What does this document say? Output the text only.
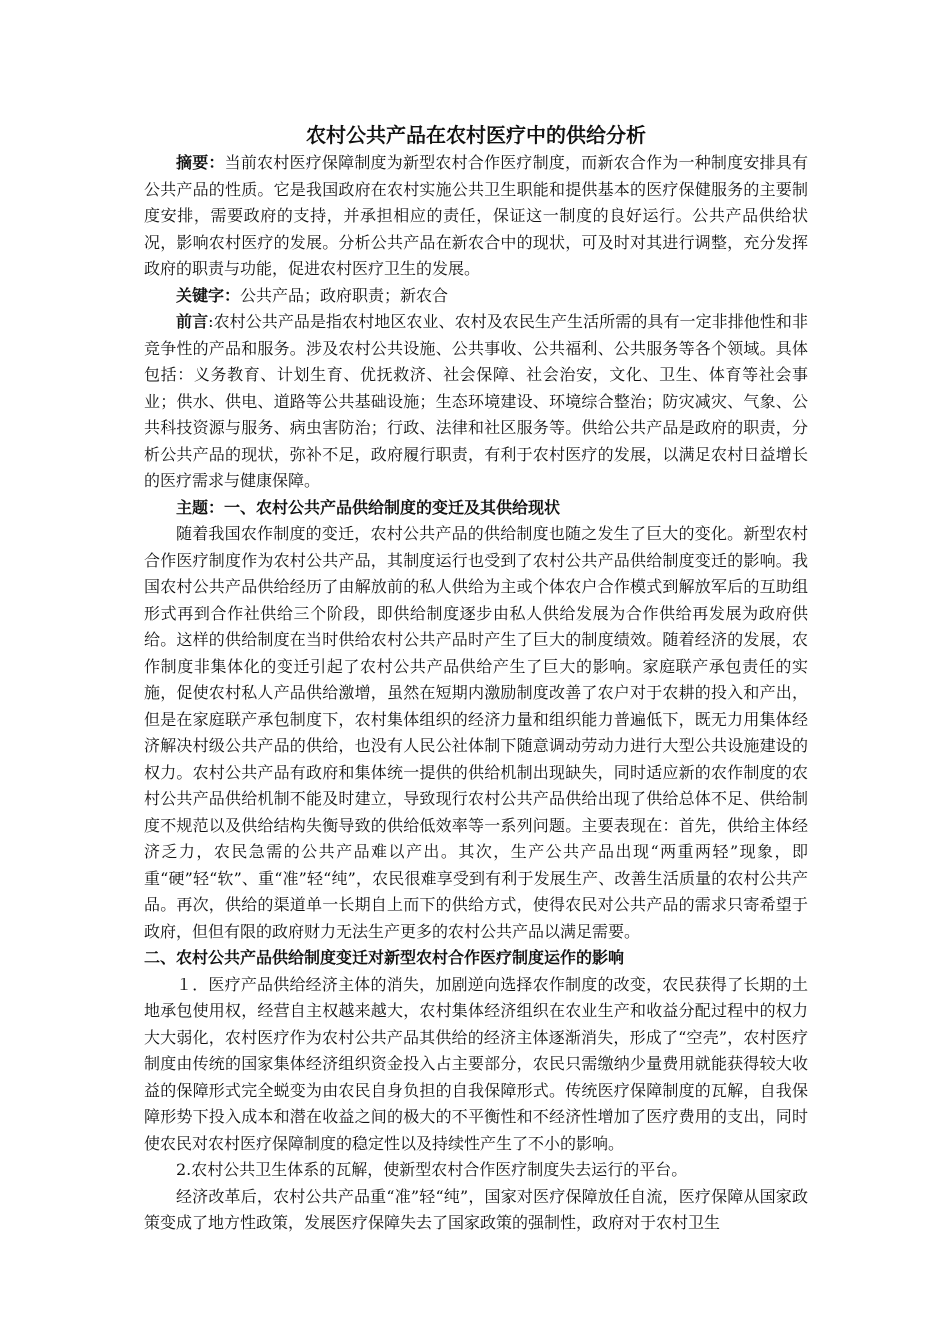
农村公共产品在农村医疗中的供给分析

摘要：当前农村医疗保障制度为新型农村合作医疗制度，而新农合作为一种制度安排具有公共产品的性质。它是我国政府在农村实施公共卫生职能和提供基本的医疗保健服务的主要制度安排，需要政府的支持，并承担相应的责任，保证这一制度的良好运行。公共产品供给状况，影响农村医疗的发展。分析公共产品在新农合中的现状，可及时对其进行调整，充分发挥政府的职责与功能，促进农村医疗卫生的发展。

关键字：公共产品；政府职责；新农合

前言:农村公共产品是指农村地区农业、农村及农民生产生活所需的具有一定非排他性和非竞争性的产品和服务。涉及农村公共设施、公共事收、公共福利、公共服务等各个领域。具体包括：义务教育、计划生育、优抚救济、社会保障、社会治安，文化、卫生、体育等社会事业；供水、供电、道路等公共基础设施；生态环境建设、环境综合整治；防灾减灾、气象、公共科技资源与服务、病虫害防治；行政、法律和社区服务等。供给公共产品是政府的职责，分析公共产品的现状，弥补不足，政府履行职责，有利于农村医疗的发展，以满足农村日益增长的医疗需求与健康保障。

主题：一、农村公共产品供给制度的变迁及其供给现状

随着我国农作制度的变迁，农村公共产品的供给制度也随之发生了巨大的变化。新型农村合作医疗制度作为农村公共产品，其制度运行也受到了农村公共产品供给制度变迁的影响。我国农村公共产品供给经历了由解放前的私人供给为主或个体农户合作模式到解放军后的互助组形式再到合作社供给三个阶段，即供给制度逐步由私人供给发展为合作供给再发展为政府供给。这样的供给制度在当时供给农村公共产品时产生了巨大的制度绩效。随着经济的发展，农作制度非集体化的变迁引起了农村公共产品供给产生了巨大的影响。家庭联产承包责任的实施，促使农村私人产品供给激增，虽然在短期内激励制度改善了农户对于农耕的投入和产出，但是在家庭联产承包制度下，农村集体组织的经济力量和组织能力普遍低下，既无力用集体经济解决村级公共产品的供给，也没有人民公社体制下随意调动劳动力进行大型公共设施建设的权力。农村公共产品有政府和集体统一提供的供给机制出现缺失，同时适应新的农作制度的农村公共产品供给机制不能及时建立，导致现行农村公共产品供给出现了供给总体不足、供给制度不规范以及供给结构失衡导致的供给低效率等一系列问题。主要表现在：首先，供给主体经济乏力，农民急需的公共产品难以产出。其次，生产公共产品出现“两重两轻”现象，即重“硬”轻“软”、重“准”轻“纯”，农民很难享受到有利于发展生产、改善生活质量的农村公共产品。再次，供给的渠道单一长期自上而下的供给方式，使得农民对公共产品的需求只寄希望于政府，但但有限的政府财力无法生产更多的农村公共产品以满足需要。

二、农村公共产品供给制度变迁对新型农村合作医疗制度运作的影响

１．医疗产品供给经济主体的消失，加剧逆向选择农作制度的改变，农民获得了长期的土地承包使用权，经营自主权越来越大，农村集体经济组织在农业生产和收益分配过程中的权力大大弱化，农村医疗作为农村公共产品其供给的经济主体逐渐消失，形成了“空壳”，农村医疗制度由传统的国家集体经济组织资金投入占主要部分，农民只需缴纳少量费用就能获得较大收益的保障形式完全蜕变为由农民自身负担的自我保障形式。传统医疗保障制度的瓦解，自我保障形势下投入成本和潜在收益之间的极大的不平衡性和不经济性增加了医疗费用的支出，同时使农民对农村医疗保障制度的稳定性以及持续性产生了不小的影响。

2.农村公共卫生体系的瓦解，使新型农村合作医疗制度失去运行的平台。

经济改革后，农村公共产品重“准”轻“纯”，国家对医疗保障放任自流，医疗保障从国家政策变成了地方性政策，发展医疗保障失去了国家政策的强制性，政府对于农村卫生
